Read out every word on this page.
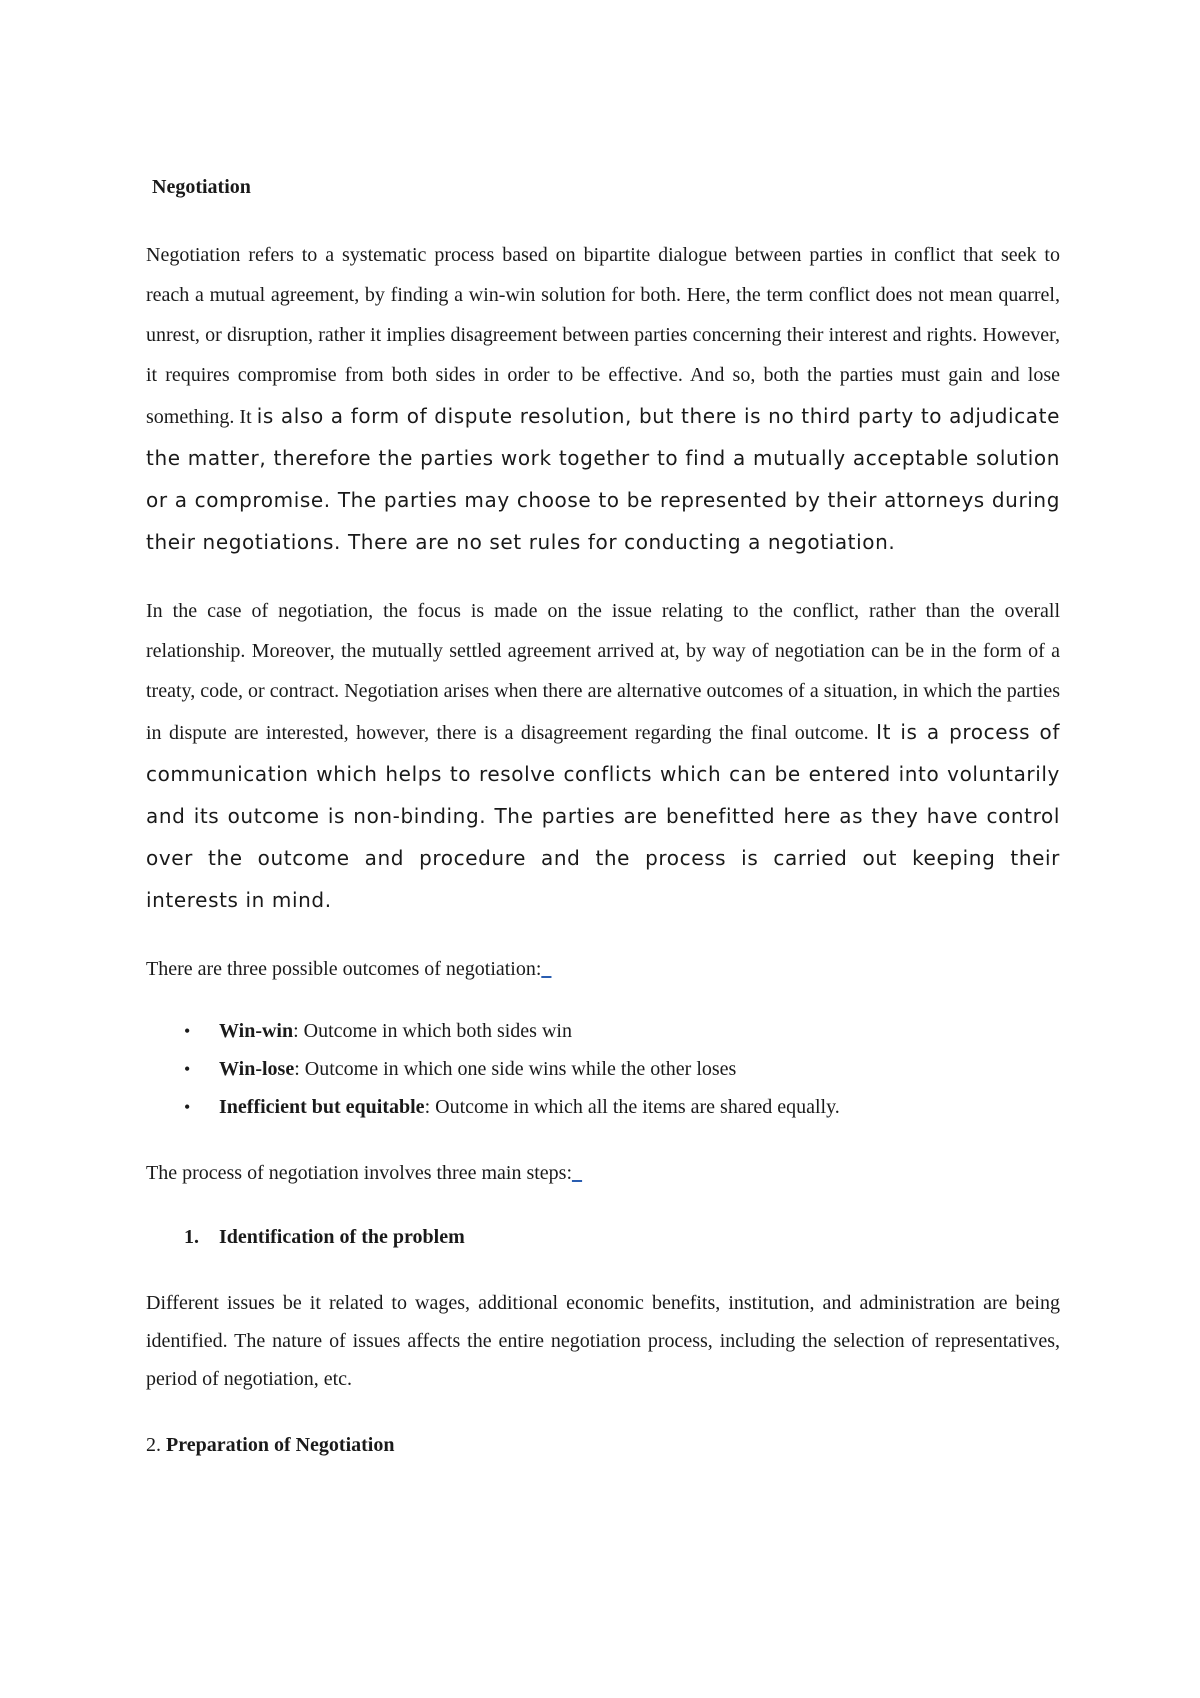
Negotiation

Negotiation refers to a systematic process based on bipartite dialogue between parties in conflict that seek to reach a mutual agreement, by finding a win-win solution for both. Here, the term conflict does not mean quarrel, unrest, or disruption, rather it implies disagreement between parties concerning their interest and rights. However, it requires compromise from both sides in order to be effective. And so, both the parties must gain and lose something. It is also a form of dispute resolution, but there is no third party to adjudicate the matter, therefore the parties work together to find a mutually acceptable solution or a compromise. The parties may choose to be represented by their attorneys during their negotiations. There are no set rules for conducting a negotiation.

In the case of negotiation, the focus is made on the issue relating to the conflict, rather than the overall relationship. Moreover, the mutually settled agreement arrived at, by way of negotiation can be in the form of a treaty, code, or contract. Negotiation arises when there are alternative outcomes of a situation, in which the parties in dispute are interested, however, there is a disagreement regarding the final outcome. It is a process of communication which helps to resolve conflicts which can be entered into voluntarily and its outcome is non-binding. The parties are benefitted here as they have control over the outcome and procedure and the process is carried out keeping their interests in mind.

There are three possible outcomes of negotiation:_

• Win-win: Outcome in which both sides win
• Win-lose: Outcome in which one side wins while the other loses
• Inefficient but equitable: Outcome in which all the items are shared equally.

The process of negotiation involves three main steps:_

1. Identification of the problem

Different issues be it related to wages, additional economic benefits, institution, and administration are being identified. The nature of issues affects the entire negotiation process, including the selection of representatives, period of negotiation, etc.

2. Preparation of Negotiation
